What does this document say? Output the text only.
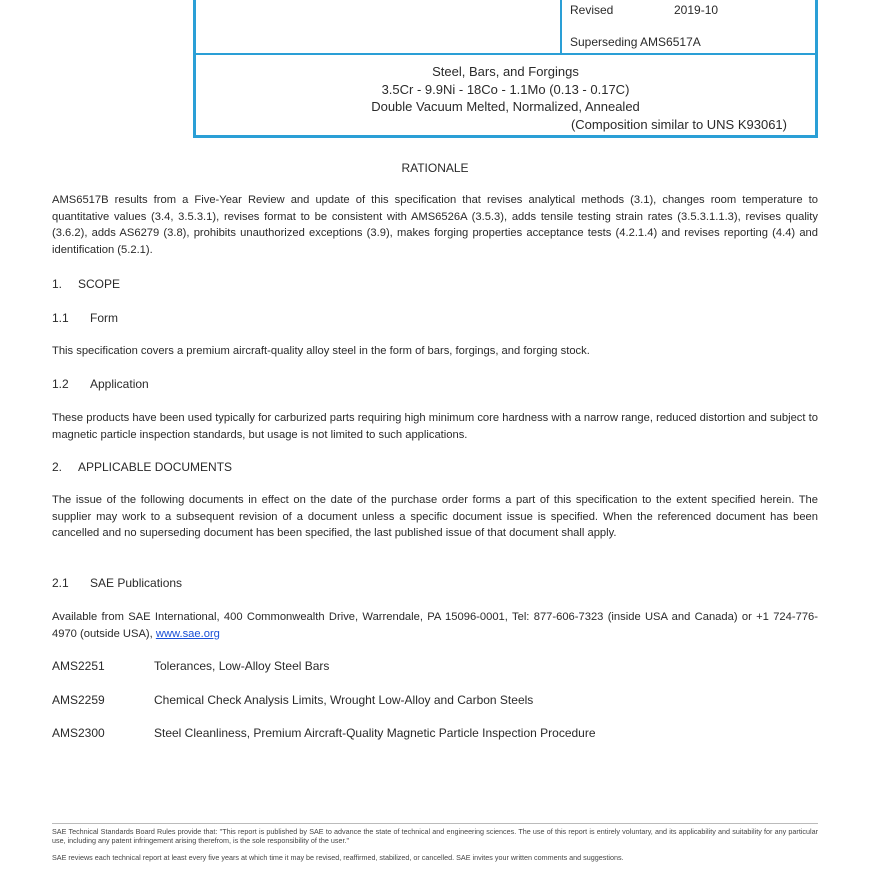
Revised	2019-10
Superseding AMS6517A
Steel, Bars, and Forgings
3.5Cr - 9.9Ni - 18Co - 1.1Mo (0.13 - 0.17C)
Double Vacuum Melted, Normalized, Annealed
(Composition similar to UNS K93061)
RATIONALE

AMS6517B results from a Five-Year Review and update of this specification that revises analytical methods (3.1), changes room temperature to quantitative values (3.4, 3.5.3.1), revises format to be consistent with AMS6526A (3.5.3), adds tensile testing strain rates (3.5.3.1.1.3), revises quality (3.6.2), adds AS6279 (3.8), prohibits unauthorized exceptions (3.9), makes forging properties acceptance tests (4.2.1.4) and revises reporting (4.4) and identification (5.2.1).

1. SCOPE
1.1 Form

This specification covers a premium aircraft-quality alloy steel in the form of bars, forgings, and forging stock.

1.2 Application

These products have been used typically for carburized parts requiring high minimum core hardness with a narrow range, reduced distortion and subject to magnetic particle inspection standards, but usage is not limited to such applications.

2. APPLICABLE DOCUMENTS

The issue of the following documents in effect on the date of the purchase order forms a part of this specification to the extent specified herein. The supplier may work to a subsequent revision of a document unless a specific document issue is specified. When the referenced document has been cancelled and no superseding document has been specified, the last published issue of that document shall apply.

2.1 SAE Publications

Available from SAE International, 400 Commonwealth Drive, Warrendale, PA 15096-0001, Tel: 877-606-7323 (inside USA and Canada) or +1 724-776-4970 (outside USA), www.sae.org

AMS2251	Tolerances, Low-Alloy Steel Bars
AMS2259	Chemical Check Analysis Limits, Wrought Low-Alloy and Carbon Steels
AMS2300	Steel Cleanliness, Premium Aircraft-Quality Magnetic Particle Inspection Procedure

SAE Technical Standards Board Rules provide that: "This report is published by SAE to advance the state of technical and engineering sciences. The use of this report is entirely voluntary, and its applicability and suitability for any particular use, including any patent infringement arising therefrom, is the sole responsibility of the user."

SAE reviews each technical report at least every five years at which time it may be revised, reaffirmed, stabilized, or cancelled. SAE invites your written comments and suggestions.
